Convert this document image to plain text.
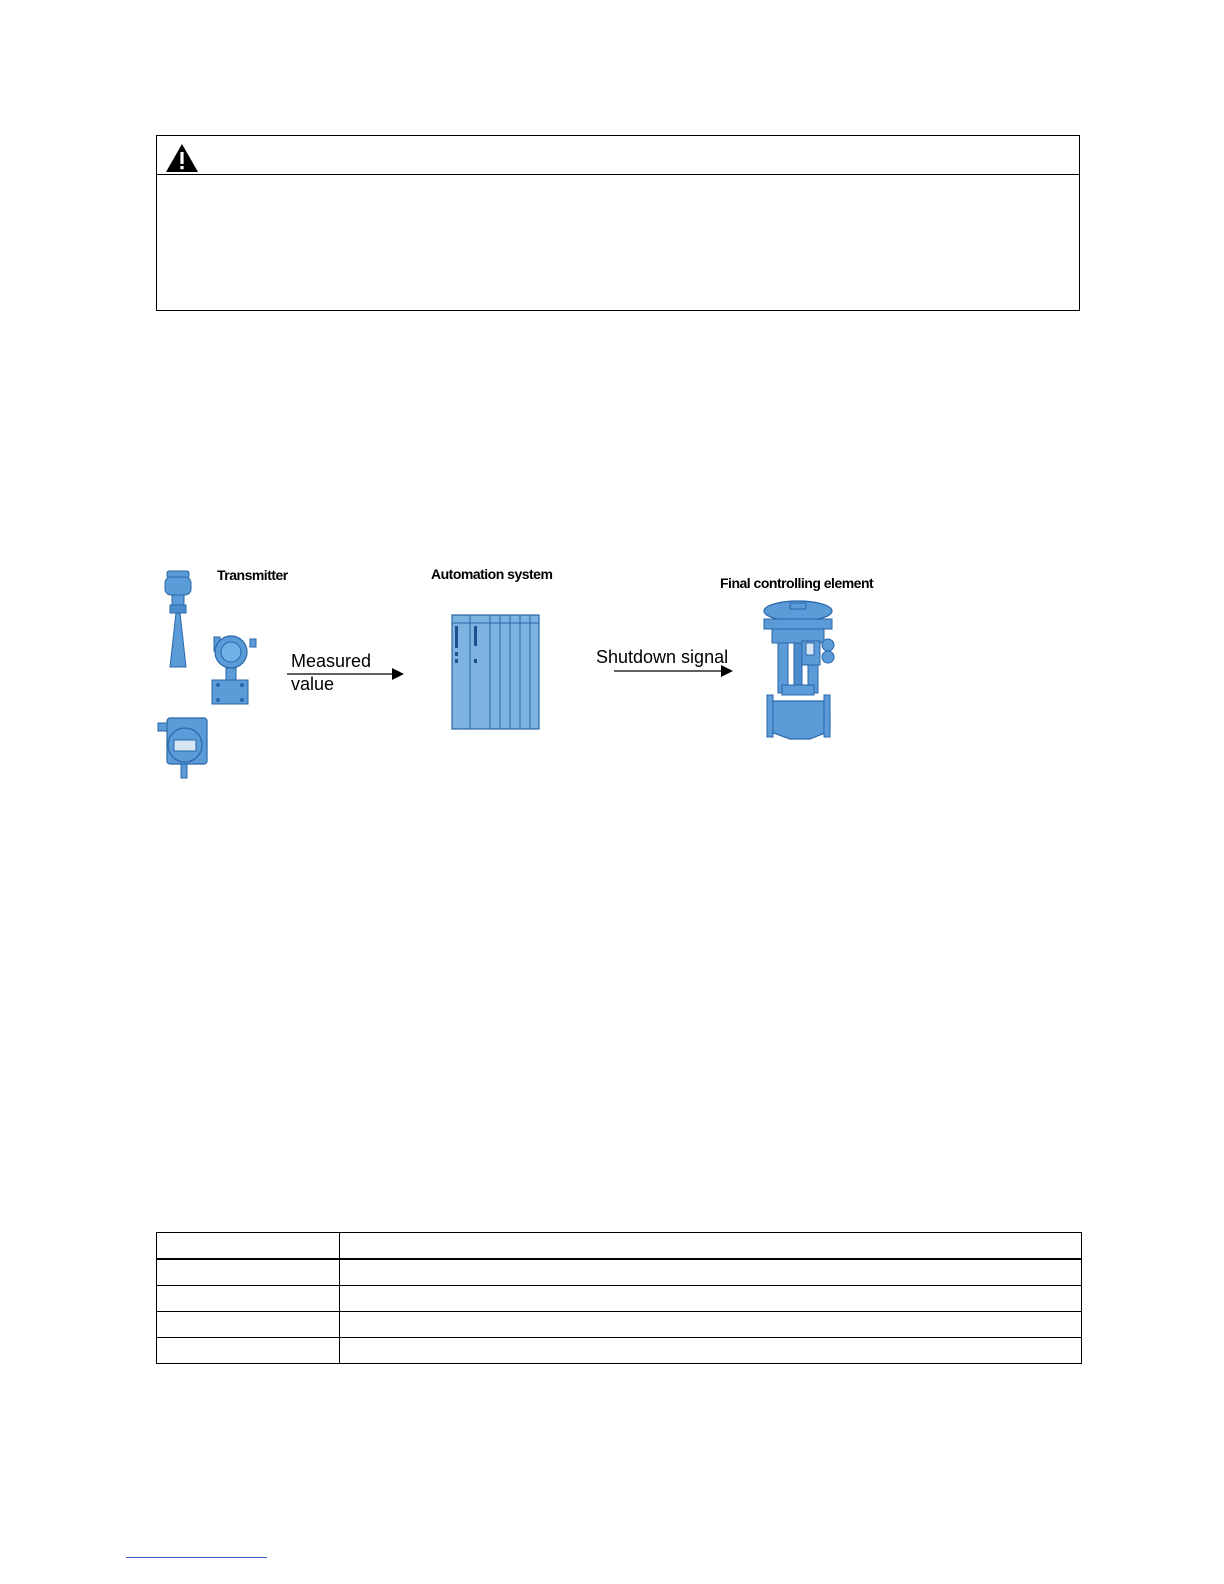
Transmitter	Automation system
Final controlling element
Measured
value
Shutdown signal
